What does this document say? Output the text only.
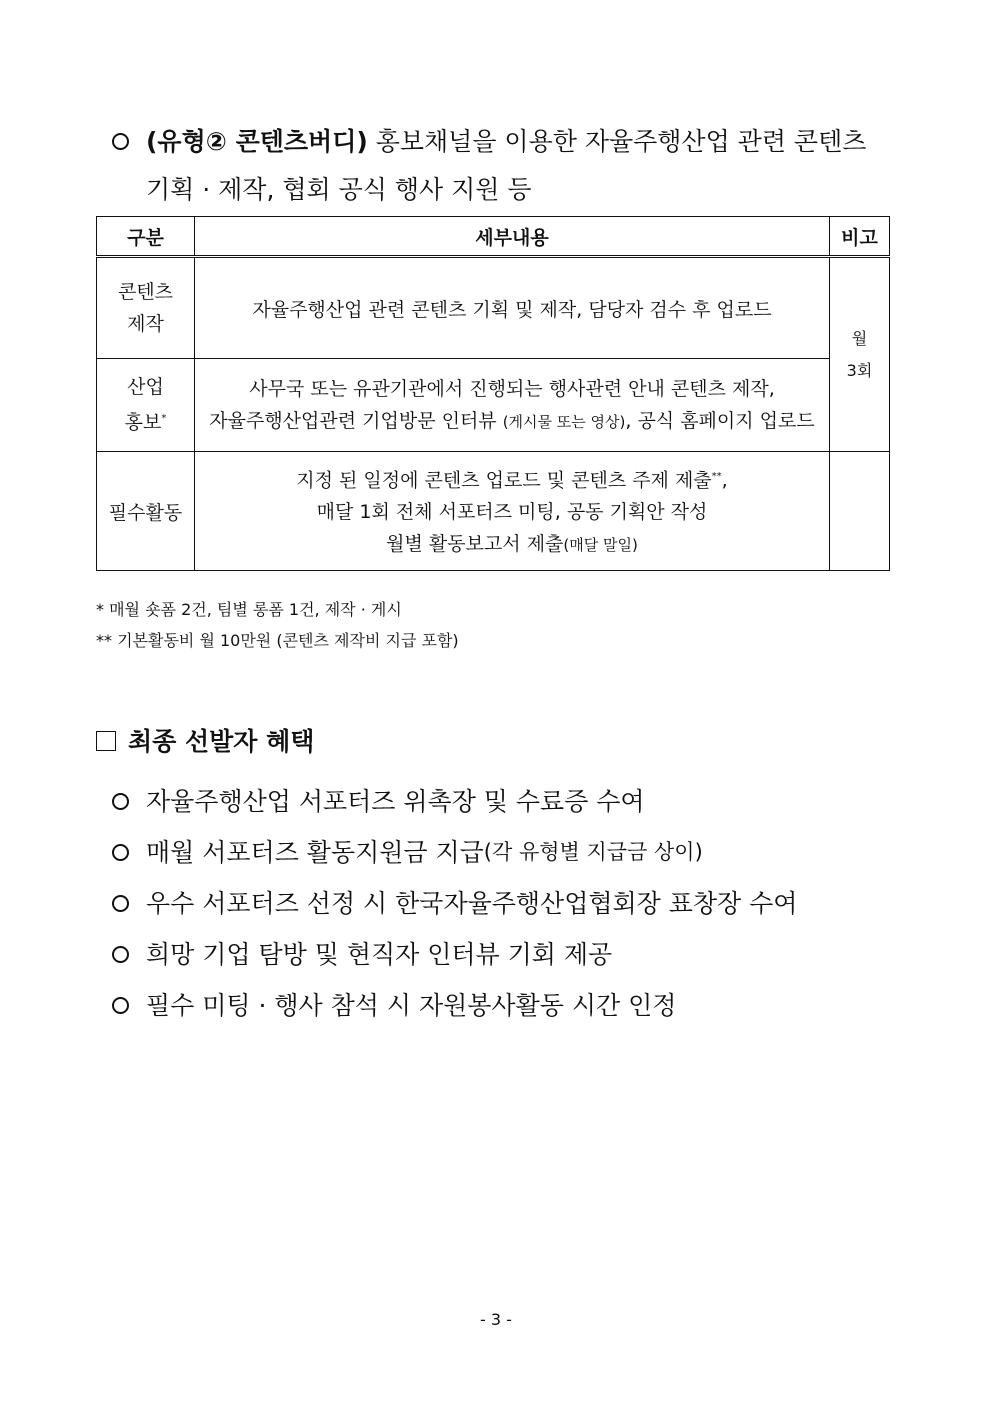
(유형② 콘텐츠버디) 홍보채널을 이용한 자율주행산업 관련 콘텐츠
기획 · 제작, 협회 공식 행사 지원 등
구분	세부내용	비고
콘텐츠
제작	자율주행산업 관련 콘텐츠 기획 및 제작, 담당자 검수 후 업로드	월
3회
산업
홍보*	사무국 또는 유관기관에서 진행되는 행사관련 안내 콘텐츠 제작,
자율주행산업관련 기업방문 인터뷰 (게시물 또는 영상), 공식 홈페이지 업로드	
필수활동	지정 된 일정에 콘텐츠 업로드 및 콘텐츠 주제 제출**,
매달 1회 전체 서포터즈 미팅, 공동 기획안 작성
월별 활동보고서 제출(매달 말일)	
* 매월 숏폼 2건, 팀별 롱폼 1건, 제작 · 게시
** 기본활동비 월 10만원 (콘텐츠 제작비 지급 포함)
최종 선발자 혜택
자율주행산업 서포터즈 위촉장 및 수료증 수여
매월 서포터즈 활동지원금 지급 (각 유형별 지급금 상이)
우수 서포터즈 선정 시 한국자율주행산업협회장 표창장 수여
희망 기업 탐방 및 현직자 인터뷰 기회 제공
필수 미팅 · 행사 참석 시 자원봉사활동 시간 인정
- 3 -
